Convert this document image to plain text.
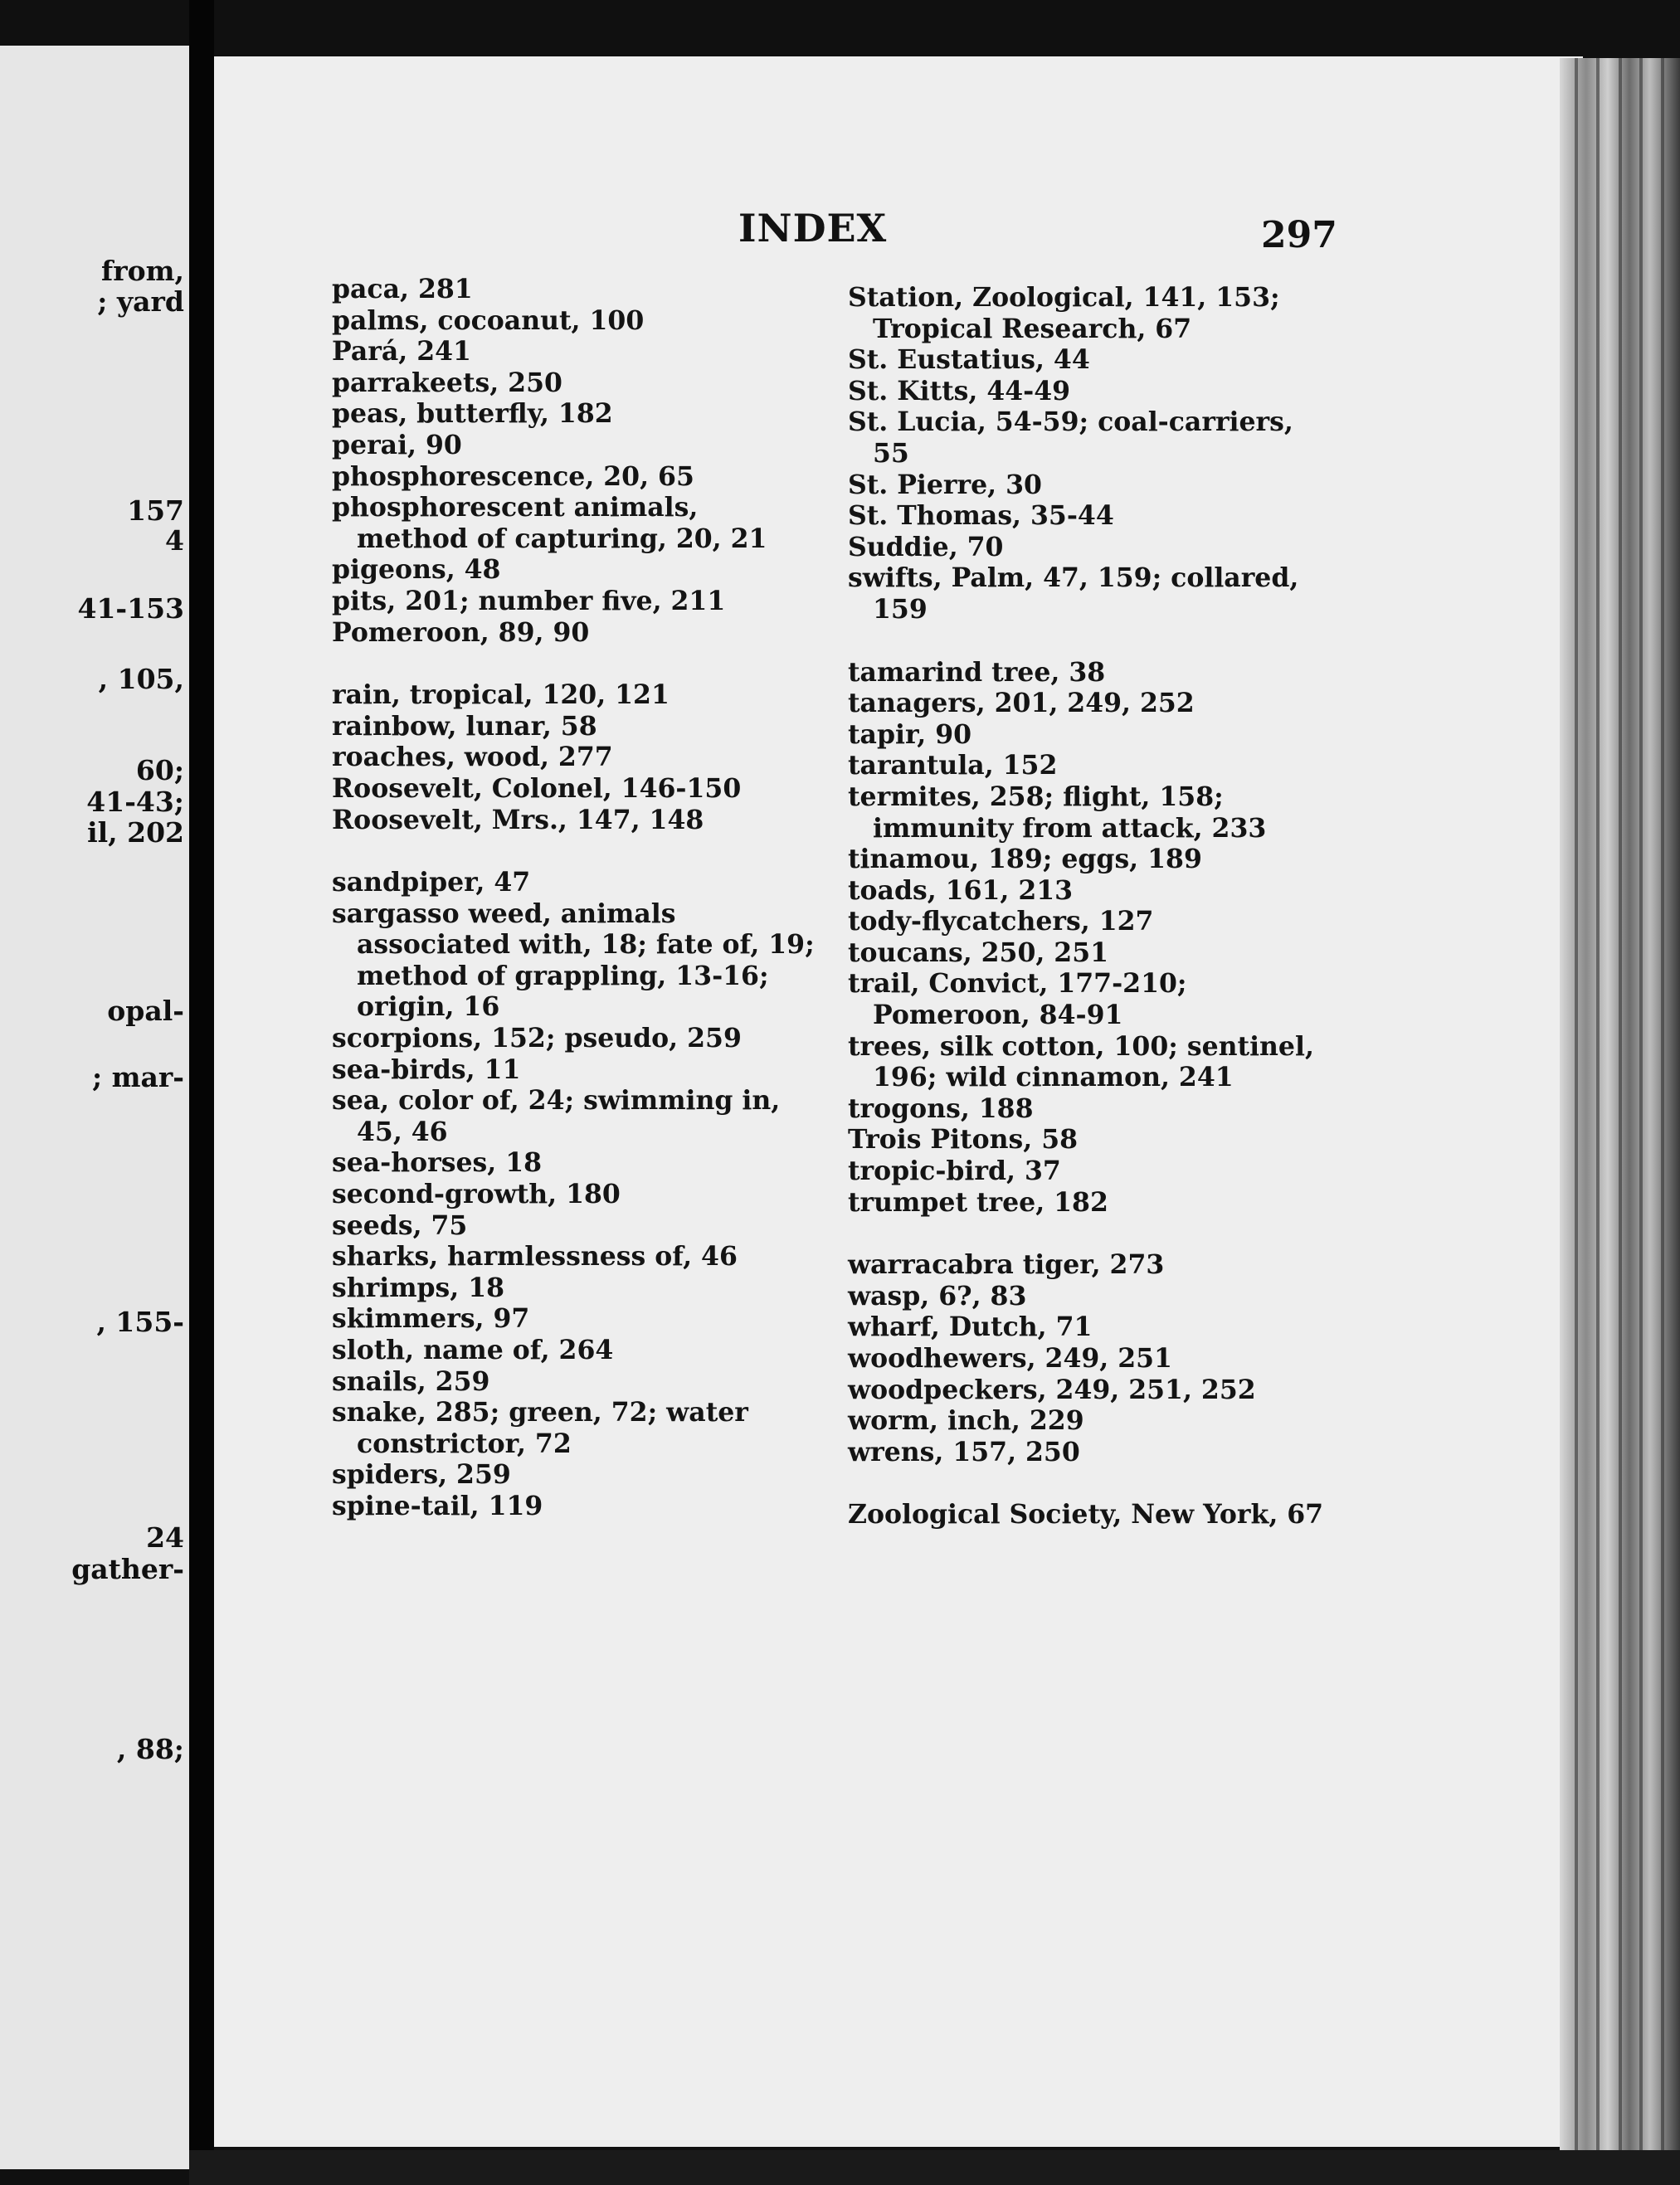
from,
; yard
157
4
41-153
, 105,
60;
41-43;
il, 202
opal-
; mar-
, 155-
24
gather-
, 88;
INDEX	297
paca, 281
palms, cocoanut, 100
Pará, 241
parrakeets, 250
peas, butterfly, 182
perai, 90
phosphorescence, 20, 65
phosphorescent animals, method of capturing, 20, 21
pigeons, 48
pits, 201; number five, 211
Pomeroon, 89, 90
rain, tropical, 120, 121
rainbow, lunar, 58
roaches, wood, 277
Roosevelt, Colonel, 146-150
Roosevelt, Mrs., 147, 148
sandpiper, 47
sargasso weed, animals associated with, 18; fate of, 19; method of grappling, 13-16; origin, 16
scorpions, 152; pseudo, 259
sea-birds, 11
sea, color of, 24; swimming in, 45, 46
sea-horses, 18
second-growth, 180
seeds, 75
sharks, harmlessness of, 46
shrimps, 18
skimmers, 97
sloth, name of, 264
snails, 259
snake, 285; green, 72; water constrictor, 72
spiders, 259
spine-tail, 119
Station, Zoological, 141, 153; Tropical Research, 67
St. Eustatius, 44
St. Kitts, 44-49
St. Lucia, 54-59; coal-carriers, 55
St. Pierre, 30
St. Thomas, 35-44
Suddie, 70
swifts, Palm, 47, 159; collared, 159
tamarind tree, 38
tanagers, 201, 249, 252
tapir, 90
tarantula, 152
termites, 258; flight, 158; immunity from attack, 233
tinamou, 189; eggs, 189
toads, 161, 213
tody-flycatchers, 127
toucans, 250, 251
trail, Convict, 177-210; Pomeroon, 84-91
trees, silk cotton, 100; sentinel, 196; wild cinnamon, 241
trogons, 188
Trois Pitons, 58
tropic-bird, 37
trumpet tree, 182
warracabra tiger, 273
wasp, 6?, 83
wharf, Dutch, 71
woodhewers, 249, 251
woodpeckers, 249, 251, 252
worm, inch, 229
wrens, 157, 250
Zoological Society, New York, 67
